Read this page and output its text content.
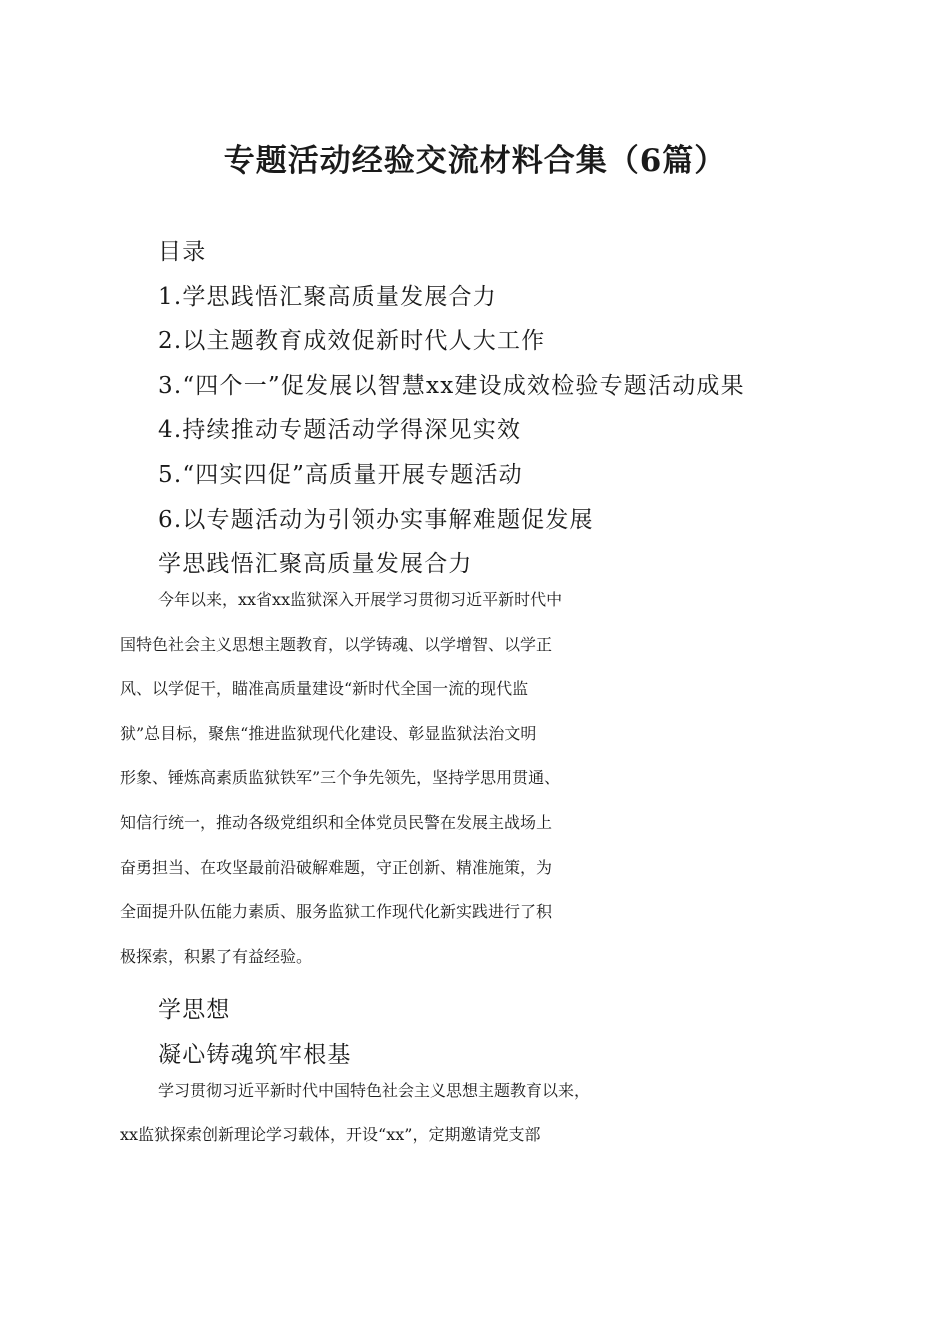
专题活动经验交流材料合集（6篇）
目录
1.学思践悟汇聚高质量发展合力
2.以主题教育成效促新时代人大工作
3.“四个一”促发展以智慧xx建设成效检验专题活动成果
4.持续推动专题活动学得深见实效
5.“四实四促”高质量开展专题活动
6.以专题活动为引领办实事解难题促发展
学思践悟汇聚高质量发展合力
今年以来，xx省xx监狱深入开展学习贯彻习近平新时代中
国特色社会主义思想主题教育，以学铸魂、以学增智、以学正
风、以学促干，瞄准高质量建设“新时代全国一流的现代监
狱”总目标，聚焦“推进监狱现代化建设、彰显监狱法治文明
形象、锤炼高素质监狱铁军”三个争先领先，坚持学思用贯通、
知信行统一，推动各级党组织和全体党员民警在发展主战场上
奋勇担当、在攻坚最前沿破解难题，守正创新、精准施策，为
全面提升队伍能力素质、服务监狱工作现代化新实践进行了积
极探索，积累了有益经验。
学思想
凝心铸魂筑牢根基
学习贯彻习近平新时代中国特色社会主义思想主题教育以来，
xx监狱探索创新理论学习载体，开设“xx”，定期邀请党支部
